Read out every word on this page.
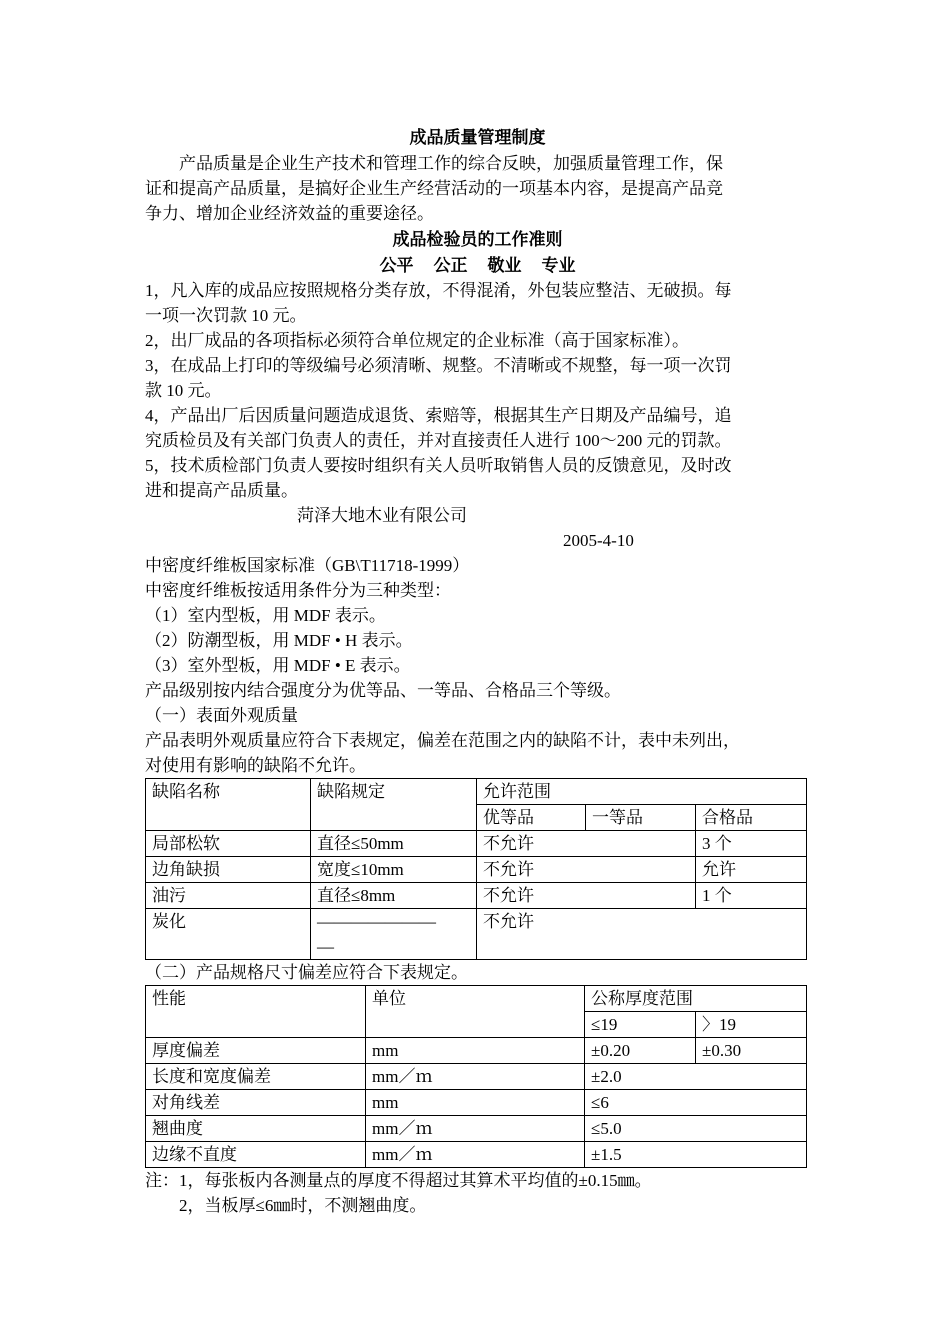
成品质量管理制度
产品质量是企业生产技术和管理工作的综合反映，加强质量管理工作，保
证和提高产品质量，是搞好企业生产经营活动的一项基本内容，是提高产品竞
争力、增加企业经济效益的重要途径。
成品检验员的工作准则
公平 公正 敬业 专业
1，凡入库的成品应按照规格分类存放，不得混淆，外包装应整洁、无破损。每
一项一次罚款 10 元。
2，出厂成品的各项指标必须符合单位规定的企业标准（高于国家标准）。
3，在成品上打印的等级编号必须清晰、规整。不清晰或不规整，每一项一次罚
款 10 元。
4，产品出厂后因质量问题造成退货、索赔等，根据其生产日期及产品编号，追
究质检员及有关部门负责人的责任，并对直接责任人进行 100～200 元的罚款。
5，技术质检部门负责人要按时组织有关人员听取销售人员的反馈意见，及时改
进和提高产品质量。
菏泽大地木业有限公司
2005-4-10
中密度纤维板国家标准（GB\T11718-1999）
中密度纤维板按适用条件分为三种类型：
（1）室内型板，用 MDF 表示。
（2）防潮型板，用 MDF • H 表示。
（3）室外型板，用 MDF • E 表示。
产品级别按内结合强度分为优等品、一等品、合格品三个等级。
（一）表面外观质量
产品表明外观质量应符合下表规定，偏差在范围之内的缺陷不计，表中未列出，
对使用有影响的缺陷不允许。
缺陷名称	缺陷规定	允许范围		
		优等品	一等品	合格品
局部松软	直径≤50mm	不允许		3 个
边角缺损	宽度≤10mm	不允许		允许
油污	直径≤8mm	不允许		1 个
炭化	———————
—	不允许		
（二）产品规格尺寸偏差应符合下表规定。
性能	单位	公称厚度范围	
		≤19	〉19
厚度偏差	mm	±0.20	±0.30
长度和宽度偏差	mm／ｍ	±2.0	
对角线差	mm	≤6	
翘曲度	mm／ｍ	≤5.0	
边缘不直度	mm／ｍ	±1.5	
注：1，每张板内各测量点的厚度不得超过其算术平均值的±0.15㎜。
2，当板厚≤6㎜时，不测翘曲度。
